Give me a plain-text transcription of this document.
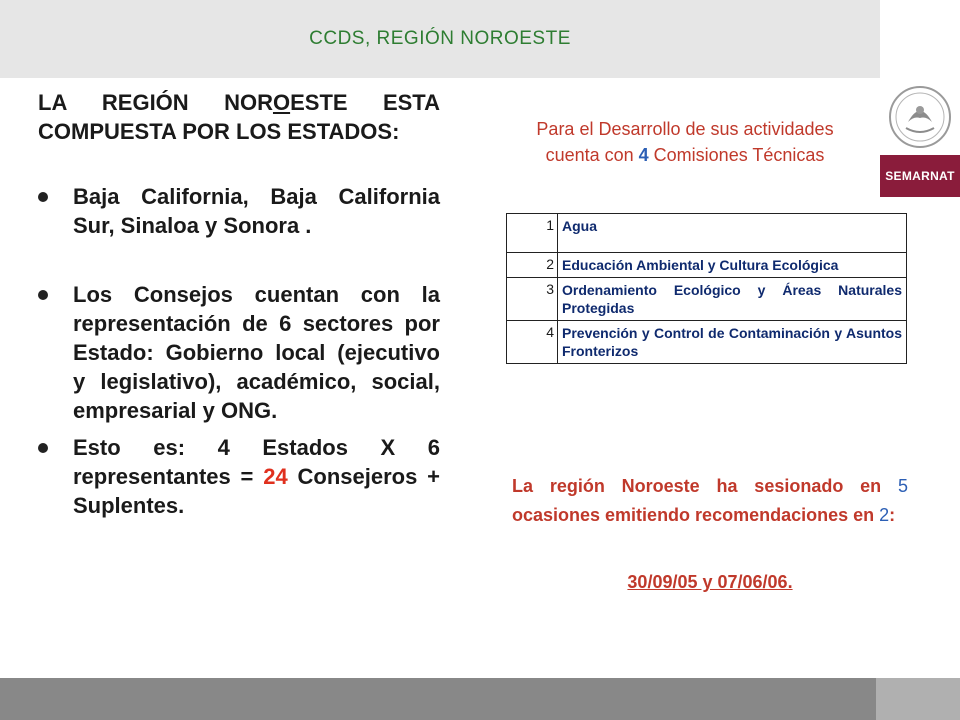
CCDS, REGIÓN NOROESTE
SEMARNAT

LA REGIÓN NOROESTE ESTA COMPUESTA POR LOS ESTADOS:

Baja California, Baja California Sur, Sinaloa y Sonora .
Los Consejos cuentan con la representación de 6 sectores por Estado: Gobierno local (ejecutivo y legislativo), académico, social, empresarial y ONG.
Esto es: 4 Estados X 6 representantes = 24 Consejeros + Suplentes.
Para el Desarrollo de sus actividades cuenta con 4 Comisiones Técnicas
1	Agua
2	Educación Ambiental y Cultura Ecológica
3	Ordenamiento Ecológico y Áreas Naturales Protegidas
4	Prevención y Control de Contaminación y Asuntos Fronterizos
La región Noroeste ha sesionado en 5 ocasiones emitiendo recomendaciones en 2:
30/09/05 y 07/06/06.
